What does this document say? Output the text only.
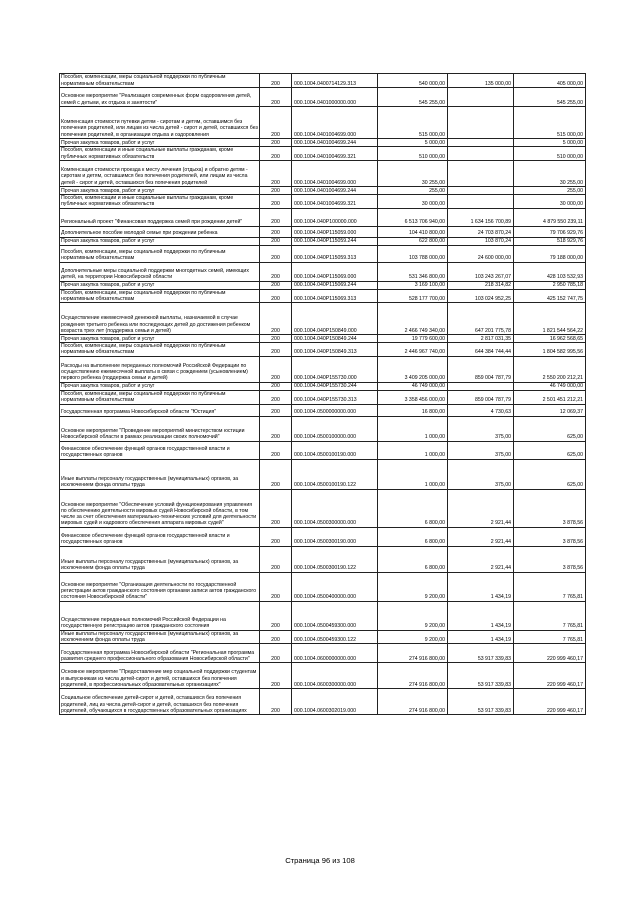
Пособия, компенсации, меры социальной поддержки по публичным нормативным обязательствам	200	000.1004.0400714129.313	540 000,00	135 000,00	405 000,00
Основное мероприятие "Реализация современных форм оздоровления детей, семей с детьми, их отдыха и занятости"	200	000.1004.0401000000.000	545 255,00		545 255,00
Компенсация стоимости путевки детям - сиротам и детям, оставшимся без попечения родителей, или лицам из числа детей - сирот и детей, оставшихся без попечения родителей, в организации отдыха и оздоровления	200	000.1004.0401004699.000	515 000,00		515 000,00
Прочая закупка товаров, работ и услуг	200	000.1004.0401004699.244	5 000,00		5 000,00
Пособия, компенсации и иные социальные выплаты гражданам, кроме публичных нормативных обязательств	200	000.1004.0401004699.321	510 000,00		510 000,00
Компенсация стоимости проезда к месту лечения (отдыха) и обратно детям - сиротам и детям, оставшимся без попечения родителей, или лицам из числа детей - сирот и детей, оставшихся без попечения родителей	200	000.1004.0401004699.000	30 255,00		30 255,00
Прочая закупка товаров, работ и услуг	200	000.1004.0401004699.244	255,00		255,00
Пособия, компенсации и иные социальные выплаты гражданам, кроме публичных нормативных обязательств	200	000.1004.0401004699.321	30 000,00		30 000,00
Региональный проект "Финансовая поддержка семей при рождении детей"	200	000.1004.040P100000.000	6 513 706 940,00	1 634 156 700,89	4 879 550 239,11
Дополнительное пособие молодой семье при рождении ребенка	200	000.1004.040P115059.000	104 410 800,00	24 703 870,24	79 706 929,76
Прочая закупка товаров, работ и услуг	200	000.1004.040P115059.244	622 800,00	103 870,24	518 929,76
Пособия, компенсации, меры социальной поддержки по публичным нормативным обязательствам	200	000.1004.040P115059.313	103 788 000,00	24 600 000,00	79 188 000,00
Дополнительные меры социальной поддержки многодетных семей, имеющих детей, на территории Новосибирской области	200	000.1004.040P115069.000	531 346 800,00	103 243 267,07	428 103 532,93
Прочая закупка товаров, работ и услуг	200	000.1004.040P115069.244	3 169 100,00	218 314,82	2 950 785,18
Пособия, компенсации, меры социальной поддержки по публичным нормативным обязательствам	200	000.1004.040P115069.313	528 177 700,00	103 024 952,25	425 152 747,75
Осуществление ежемесячной денежной выплаты, назначаемой в случае рождения третьего ребенка или последующих детей до достижения ребенком возраста трех лет (поддержка семьи и детей)	200	000.1004.040P150849.000	2 466 749 340,00	647 201 775,78	1 821 544 564,22
Прочая закупка товаров, работ и услуг	200	000.1004.040P150849.244	19 779 600,00	2 817 031,35	16 962 568,65
Пособия, компенсации, меры социальной поддержки по публичным нормативным обязательствам	200	000.1004.040P150849.313	2 446 967 740,00	644 384 744,44	1 804 582 995,56
Расходы на выполнение переданных полномочий Российской Федерации по осуществлению ежемесячной выплаты в связи с рождением (усыновлением) первого ребенка (поддержка семьи и детей)	200	000.1004.040P155730.000	3 409 205 000,00	859 004 787,79	2 550 200 212,21
Прочая закупка товаров, работ и услуг	200	000.1004.040P155730.244	46 749 000,00		46 749 000,00
Пособия, компенсации, меры социальной поддержки по публичным нормативным обязательствам	200	000.1004.040P155730.313	3 358 456 000,00	859 004 787,79	2 501 451 212,21
Государственная программа Новосибирской области "Юстиция"	200	000.1004.0500000000.000	16 800,00	4 730,63	12 069,37
Основное мероприятие "Проведение мероприятий министерством юстиции Новосибирской области в рамках реализации своих полномочий"	200	000.1004.0500100000.000	1 000,00	375,00	625,00
Финансовое обеспечение функций органов государственной власти и государственных органов	200	000.1004.0500100190.000	1 000,00	375,00	625,00
Иные выплаты персоналу государственных (муниципальных) органов, за исключением фонда оплаты труда	200	000.1004.0500100190.122	1 000,00	375,00	625,00
Основное мероприятие "Обеспечение условий функционирования управления по обеспечению деятельности мировых судей Новосибирской области, в том числе за счет обеспечения материально-технических условий для деятельности мировых судей и кадрового обеспечения аппарата мировых судей"	200	000.1004.0500300000.000	6 800,00	2 921,44	3 878,56
Финансовое обеспечение функций органов государственной власти и государственных органов	200	000.1004.0500300190.000	6 800,00	2 921,44	3 878,56
Иные выплаты персоналу государственных (муниципальных) органов, за исключением фонда оплаты труда	200	000.1004.0500300190.122	6 800,00	2 921,44	3 878,56
Основное мероприятие "Организация деятельности по государственной регистрации актов гражданского состояния органами записи актов гражданского состояния Новосибирской области"	200	000.1004.0500400000.000	9 200,00	1 434,19	7 765,81
Осуществление переданных полномочий Российской Федерации на государственную регистрацию актов гражданского состояния	200	000.1004.0500459300.000	9 200,00	1 434,19	7 765,81
Иные выплаты персоналу государственных (муниципальных) органов, за исключением фонда оплаты труда	200	000.1004.0500459300.122	9 200,00	1 434,19	7 765,81
Государственная программа Новосибирской области "Региональная программа развития среднего профессионального образования Новосибирской области"	200	000.1004.0600000000.000	274 916 800,00	53 917 339,83	220 999 460,17
Основное мероприятие "Предоставление мер социальной поддержки студентам и выпускникам из числа детей-сирот и детей, оставшихся без попечения родителей, в профессиональных образовательных организациях"	200	000.1004.0600300000.000	274 916 800,00	53 917 339,83	220 999 460,17
Социальное обеспечение детей-сирот и детей, оставшихся без попечения родителей, лиц из числа детей-сирот и детей, оставшихся без попечения родителей, обучающихся в государственных образовательных организациях	200	000.1004.0600302019.000	274 916 800,00	53 917 339,83	220 999 460,17
Страница 96 из 108
